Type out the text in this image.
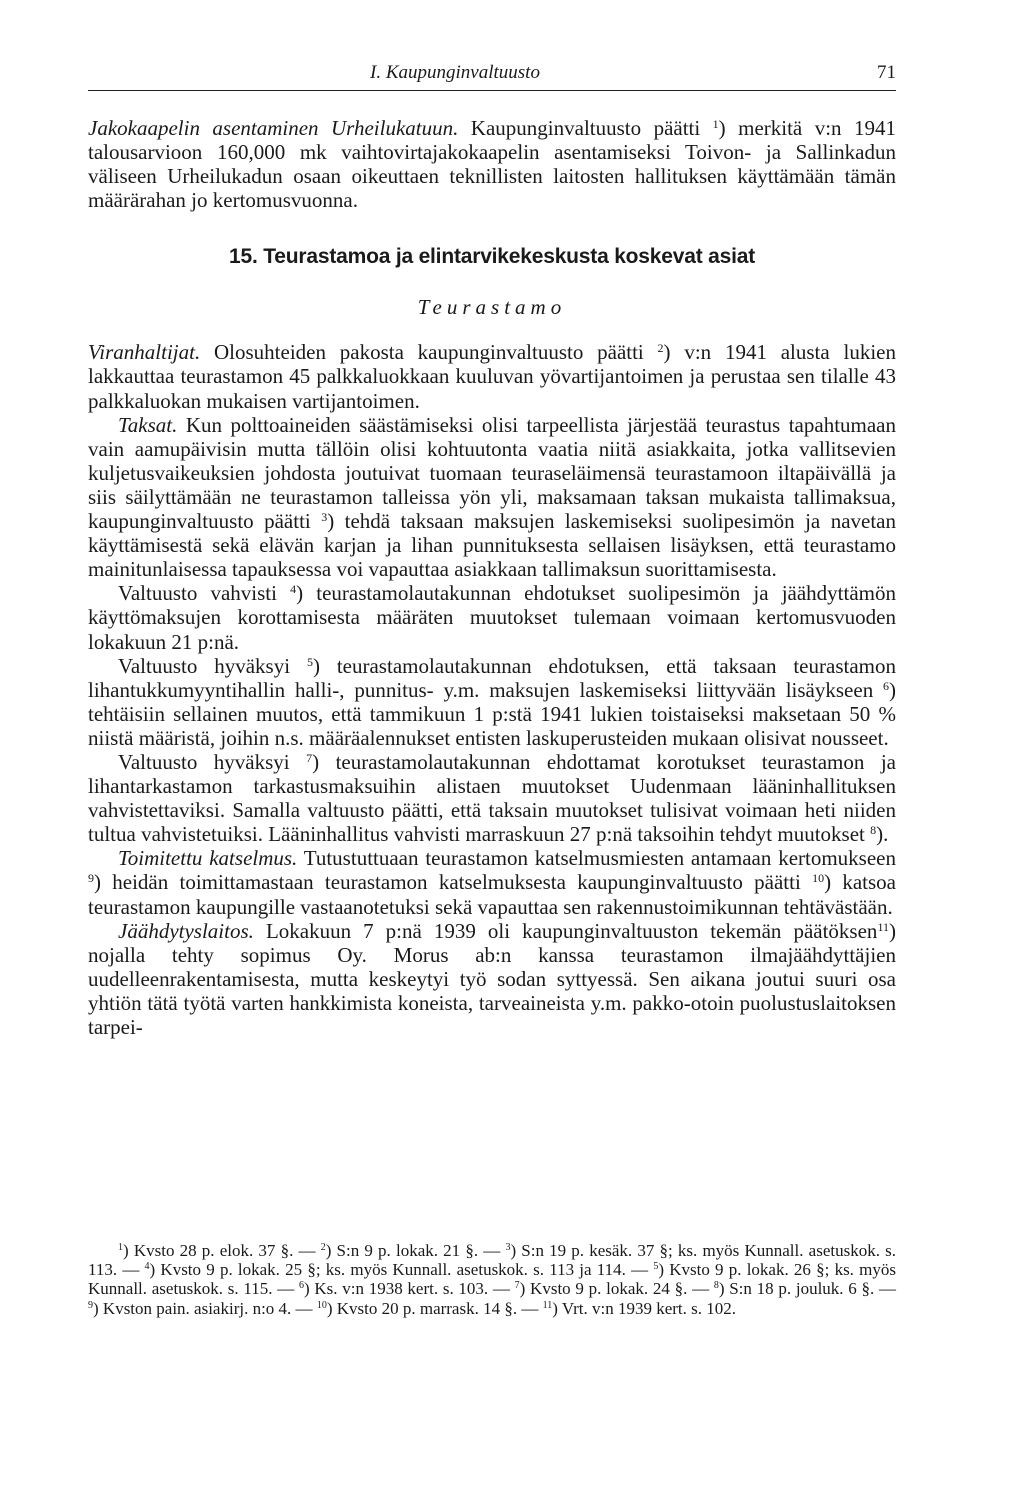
I. Kaupunginvaltuusto	71

Jakokaapelin asentaminen Urheilukatuun. Kaupunginvaltuusto päätti $^1$) merkitä v:n 1941 talousarvioon 160,000 mk vaihtovirtajakokaapelin asentamiseksi Toivon- ja Sallinkadun väliseen Urheilukadun osaan oikeuttaen teknillisten laitosten hallituksen käyttämään tämän määrärahan jo kertomusvuonna.

15. Teurastamoa ja elintarvikekeskusta koskevat asiat
Teurastamo

Viranhaltijat. Olosuhteiden pakosta kaupunginvaltuusto päätti $^2$) v:n 1941 alusta lukien lakkauttaa teurastamon 45 palkkaluokkaan kuuluvan yövartijantoimen ja perustaa sen tilalle 43 palkkaluokan mukaisen vartijantoimen.

Taksat. Kun polttoaineiden säästämiseksi olisi tarpeellista järjestää teurastus tapahtumaan vain aamupäivisin mutta tällöin olisi kohtuutonta vaatia niitä asiakkaita, jotka vallitsevien kuljetusvaikeuksien johdosta joutuivat tuomaan teuraseläimensä teurastamoon iltapäivällä ja siis säilyttämään ne teurastamon talleissa yön yli, maksamaan taksan mukaista tallimaksua, kaupunginvaltuusto päätti $^3$) tehdä taksaan maksujen laskemiseksi suolipesimön ja navetan käyttämisestä sekä elävän karjan ja lihan punnituksesta sellaisen lisäyksen, että teurastamo mainitunlaisessa tapauksessa voi vapauttaa asiakkaan tallimaksun suorittamisesta.

Valtuusto vahvisti $^4$) teurastamolautakunnan ehdotukset suolipesimön ja jäähdyttämön käyttömaksujen korottamisesta määräten muutokset tulemaan voimaan kertomusvuoden lokakuun 21 p:nä.

Valtuusto hyväksyi $^5$) teurastamolautakunnan ehdotuksen, että taksaan teurastamon lihantukkumyyntihallin halli-, punnitus- y.m. maksujen laskemiseksi liittyvään lisäykseen $^6$) tehtäisiin sellainen muutos, että tammikuun 1 p:stä 1941 lukien toistaiseksi maksetaan 50 % niistä määristä, joihin n.s. määräalennukset entisten laskuperusteiden mukaan olisivat nousseet.

Valtuusto hyväksyi $^7$) teurastamolautakunnan ehdottamat korotukset teurastamon ja lihantarkastamon tarkastusmaksuihin alistaen muutokset Uudenmaan lääninhallituksen vahvistettaviksi. Samalla valtuusto päätti, että taksain muutokset tulisivat voimaan heti niiden tultua vahvistetuiksi. Lääninhallitus vahvisti marraskuun 27 p:nä taksoihin tehdyt muutokset $^8$).

Toimitettu katselmus. Tutustuttuaan teurastamon katselmusmiesten antamaan kertomukseen $^9$) heidän toimittamastaan teurastamon katselmuksesta kaupunginvaltuusto päätti $^{10}$) katsoa teurastamon kaupungille vastaanotetuksi sekä vapauttaa sen rakennustoimikunnan tehtävästään.

Jäähdytyslaitos. Lokakuun 7 p:nä 1939 oli kaupunginvaltuuston tekemän päätöksen$^{11}$) nojalla tehty sopimus Oy. Morus ab:n kanssa teurastamon ilmajäähdyttäjien uudelleenrakentamisesta, mutta keskeytyi työ sodan syttyessä. Sen aikana joutui suuri osa yhtiön tätä työtä varten hankkimista koneista, tarveaineista y.m. pakko-otoin puolustuslaitoksen tarpei-

$^1$) Kvsto 28 p. elok. 37 §. — $^2$) S:n 9 p. lokak. 21 §. — $^3$) S:n 19 p. kesäk. 37 §; ks. myös Kunnall. asetuskok. s. 113. — $^4$) Kvsto 9 p. lokak. 25 §; ks. myös Kunnall. asetuskok. s. 113 ja 114. — $^5$) Kvsto 9 p. lokak. 26 §; ks. myös Kunnall. asetuskok. s. 115. — $^6$) Ks. v:n 1938 kert. s. 103. — $^7$) Kvsto 9 p. lokak. 24 §. — $^8$) S:n 18 p. jouluk. 6 §. — $^9$) Kvston pain. asiakirj. n:o 4. — $^{10}$) Kvsto 20 p. marrask. 14 §. — $^{11}$) Vrt. v:n 1939 kert. s. 102.
